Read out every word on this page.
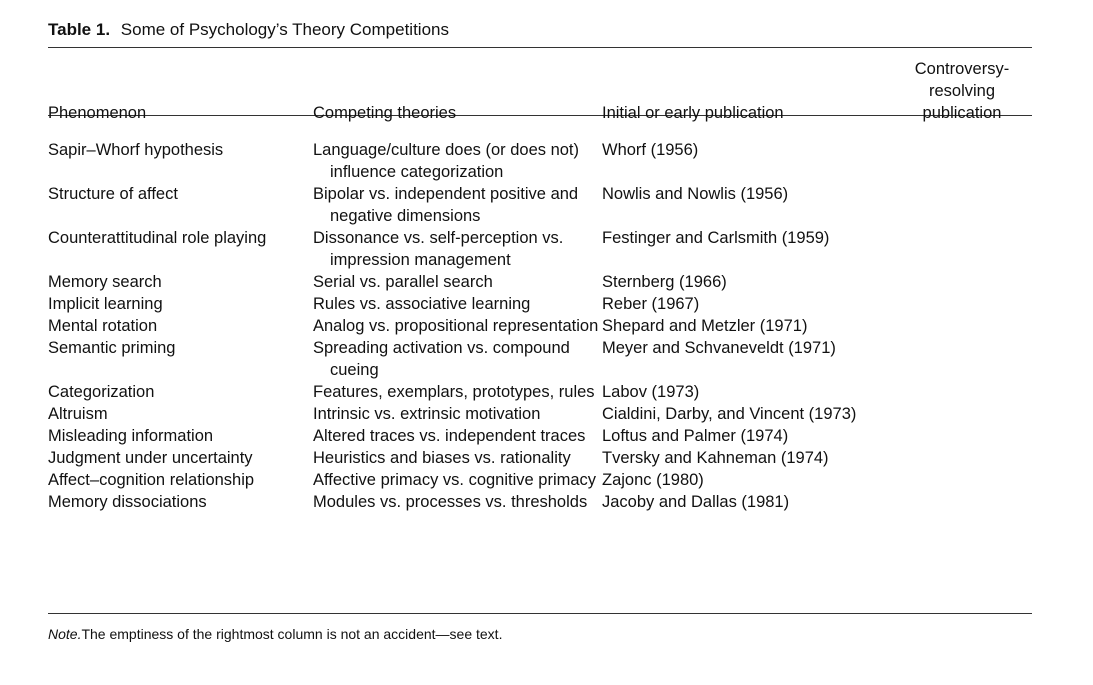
Table 1. Some of Psychology’s Theory Competitions
Phenomenon	Competing theories	Initial or early publication	Controversy-resolving publication
Sapir–Whorf hypothesis	Language/culture does (or does not) influence categorization	Whorf (1956)	
Structure of affect	Bipolar vs. independent positive and negative dimensions	Nowlis and Nowlis (1956)	
Counterattitudinal role playing	Dissonance vs. self-perception vs. impression management	Festinger and Carlsmith (1959)	
Memory search	Serial vs. parallel search	Sternberg (1966)	
Implicit learning	Rules vs. associative learning	Reber (1967)	
Mental rotation	Analog vs. propositional representation	Shepard and Metzler (1971)	
Semantic priming	Spreading activation vs. compound cueing	Meyer and Schvaneveldt (1971)	
Categorization	Features, exemplars, prototypes, rules	Labov (1973)	
Altruism	Intrinsic vs. extrinsic motivation	Cialdini, Darby, and Vincent (1973)	
Misleading information	Altered traces vs. independent traces	Loftus and Palmer (1974)	
Judgment under uncertainty	Heuristics and biases vs. rationality	Tversky and Kahneman (1974)	
Affect–cognition relationship	Affective primacy vs. cognitive primacy	Zajonc (1980)	
Memory dissociations	Modules vs. processes vs. thresholds	Jacoby and Dallas (1981)	
Note.The emptiness of the rightmost column is not an accident—see text.
